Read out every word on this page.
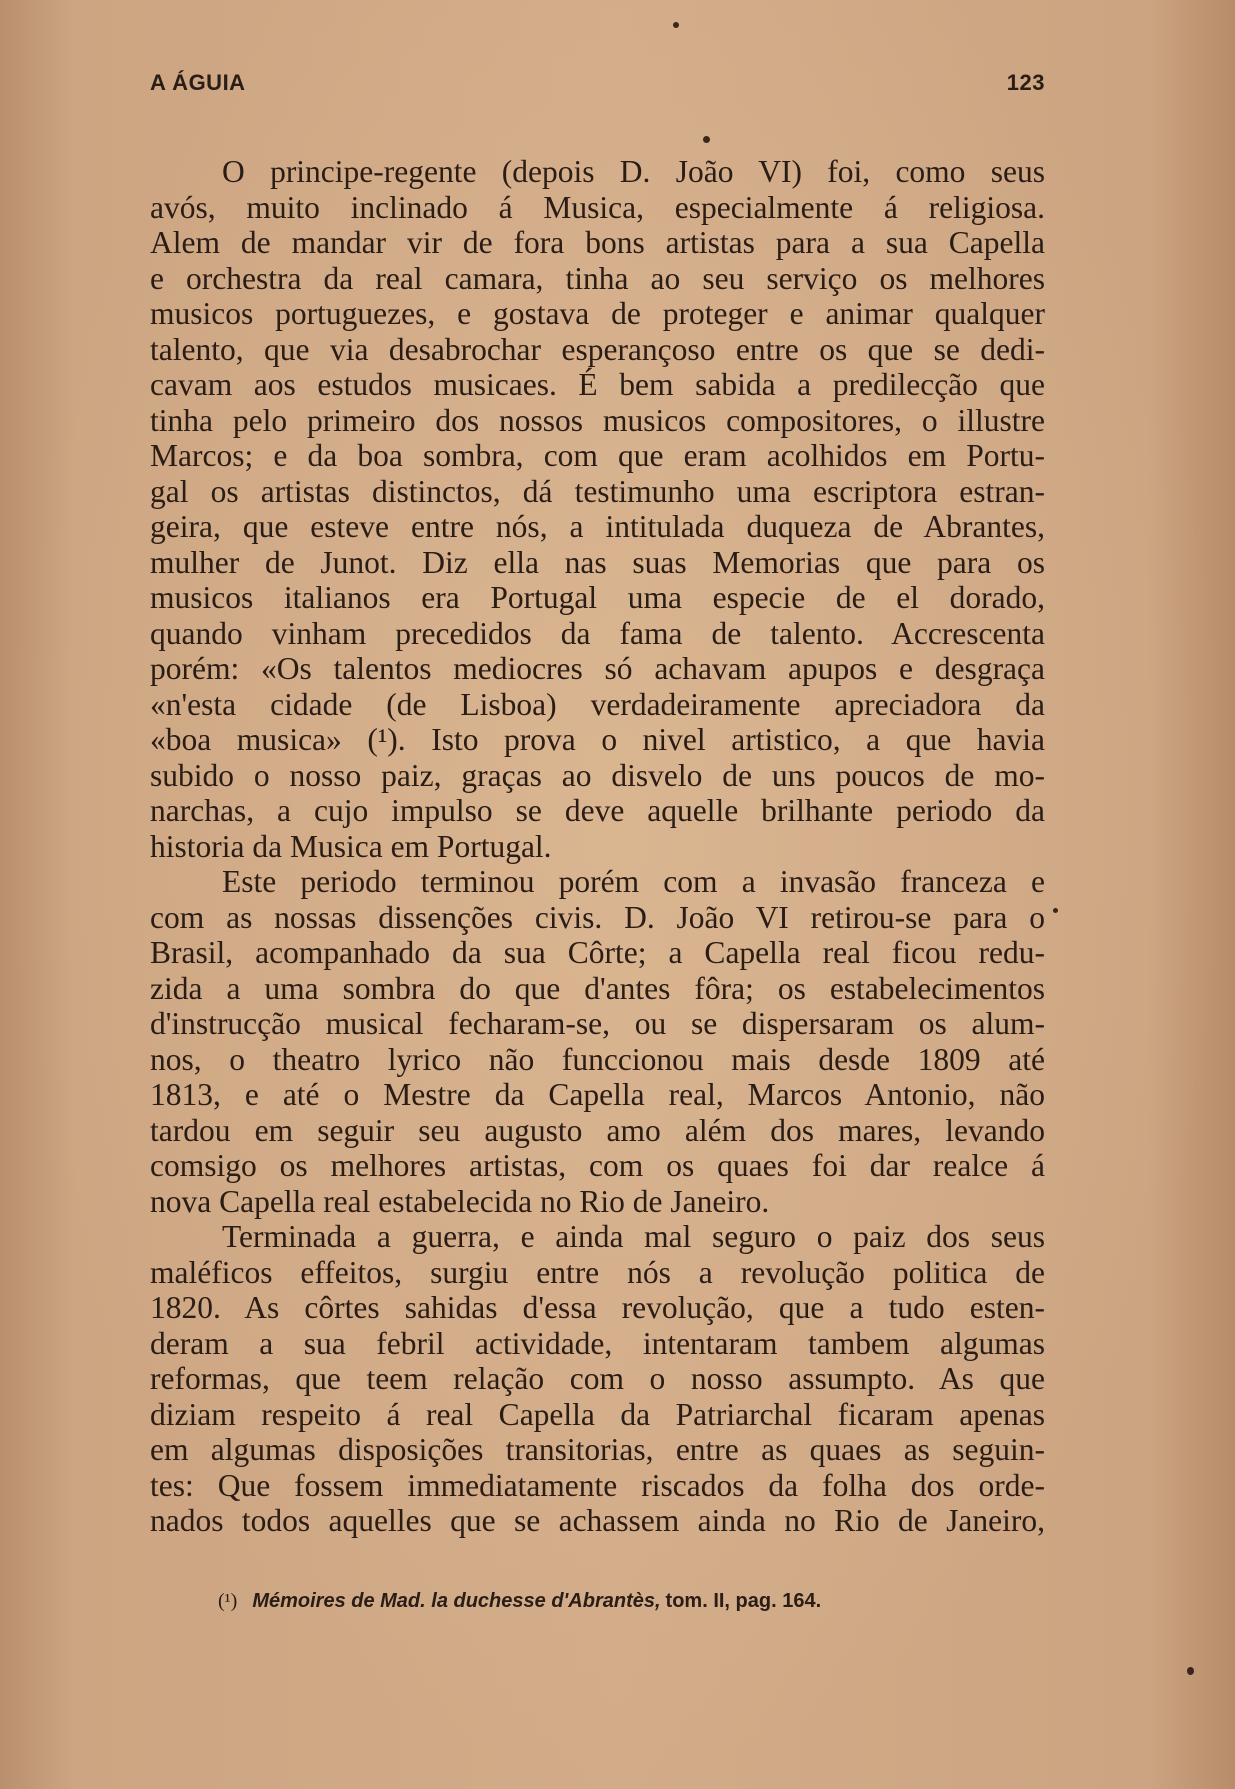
A ÁGUIA	123
O principe-regente (depois D. João VI) foi, como seus
avós, muito inclinado á Musica, especialmente á religiosa.
Alem de mandar vir de fora bons artistas para a sua Capella
e orchestra da real camara, tinha ao seu serviço os melhores
musicos portuguezes, e gostava de proteger e animar qualquer
talento, que via desabrochar esperançoso entre os que se dedi-
cavam aos estudos musicaes. É bem sabida a predilecção que
tinha pelo primeiro dos nossos musicos compositores, o illustre
Marcos; e da boa sombra, com que eram acolhidos em Portu-
gal os artistas distinctos, dá testimunho uma escriptora estran-
geira, que esteve entre nós, a intitulada duqueza de Abrantes,
mulher de Junot. Diz ella nas suas Memorias que para os
musicos italianos era Portugal uma especie de el dorado,
quando vinham precedidos da fama de talento. Accrescenta
porém: «Os talentos mediocres só achavam apupos e desgraça
«n'esta cidade (de Lisboa) verdadeiramente apreciadora da
«boa musica» (¹). Isto prova o nivel artistico, a que havia
subido o nosso paiz, graças ao disvelo de uns poucos de mo-
narchas, a cujo impulso se deve aquelle brilhante periodo da
historia da Musica em Portugal.
Este periodo terminou porém com a invasão franceza e
com as nossas dissenções civis. D. João VI retirou-se para o
Brasil, acompanhado da sua Côrte; a Capella real ficou redu-
zida a uma sombra do que d'antes fôra; os estabelecimentos
d'instrucção musical fecharam-se, ou se dispersaram os alum-
nos, o theatro lyrico não funccionou mais desde 1809 até
1813, e até o Mestre da Capella real, Marcos Antonio, não
tardou em seguir seu augusto amo além dos mares, levando
comsigo os melhores artistas, com os quaes foi dar realce á
nova Capella real estabelecida no Rio de Janeiro.
Terminada a guerra, e ainda mal seguro o paiz dos seus
maléficos effeitos, surgiu entre nós a revolução politica de
1820. As côrtes sahidas d'essa revolução, que a tudo esten-
deram a sua febril actividade, intentaram tambem algumas
reformas, que teem relação com o nosso assumpto. As que
diziam respeito á real Capella da Patriarchal ficaram apenas
em algumas disposições transitorias, entre as quaes as seguin-
tes: Que fossem immediatamente riscados da folha dos orde-
nados todos aquelles que se achassem ainda no Rio de Janeiro,
(¹) Mémoires de Mad. la duchesse d'Abrantès, tom. II, pag. 164.
